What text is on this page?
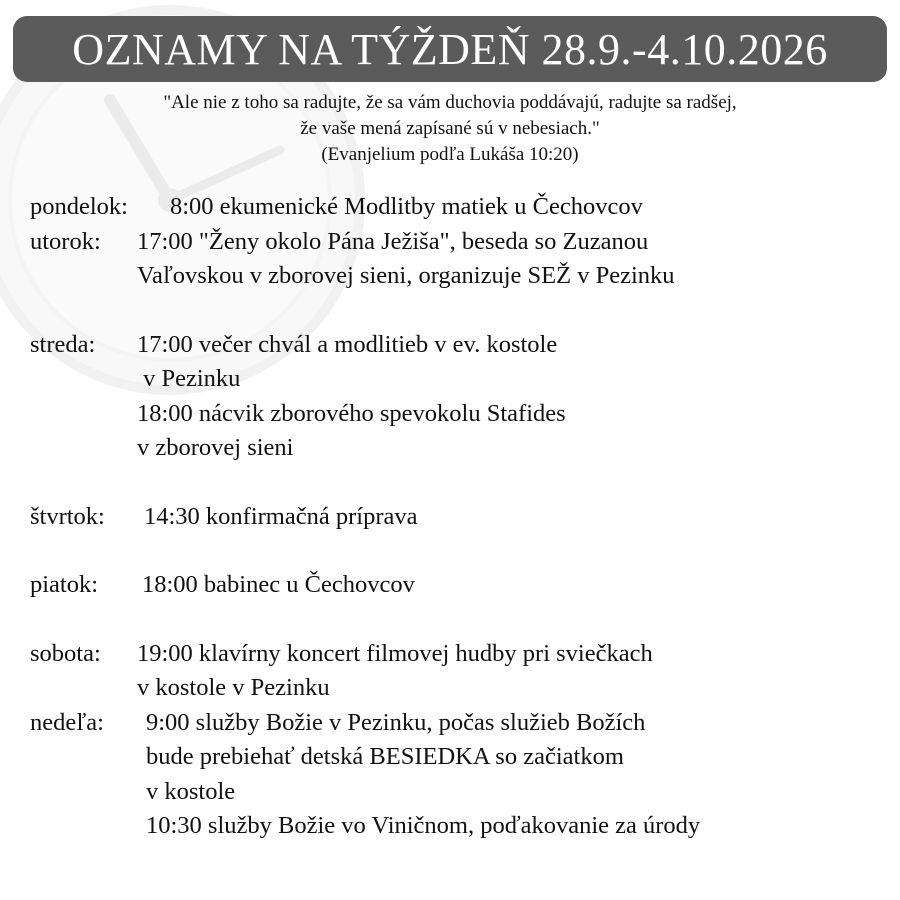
OZNAMY NA TÝŽDEŇ 28.9.-4.10.2026
"Ale nie z toho sa radujte, že sa vám duchovia poddávajú, radujte sa radšej,
že vaše mená zapísané sú v nebesiach."
(Evanjelium podľa Lukáša 10:20)
pondelok:	8:00 ekumenické Modlitby matiek u Čechovcov
utorok:	17:00 "Ženy okolo Pána Ježiša", beseda so Zuzanou
Vaľovskou v zborovej sieni, organizuje SEŽ v Pezinku
streda:	17:00 večer chvál a modlitieb v ev. kostole
v Pezinku
18:00 nácvik zborového spevokolu Stafides
v zborovej sieni
štvrtok:	14:30 konfirmačná príprava
piatok:	18:00 babinec u Čechovcov
sobota:	19:00 klavírny koncert filmovej hudby pri sviečkach
v kostole v Pezinku
nedeľa:	9:00 služby Božie v Pezinku, počas služieb Božích
bude prebiehať detská BESIEDKA so začiatkom
v kostole
10:30 služby Božie vo Viničnom, poďakovanie za úrody
